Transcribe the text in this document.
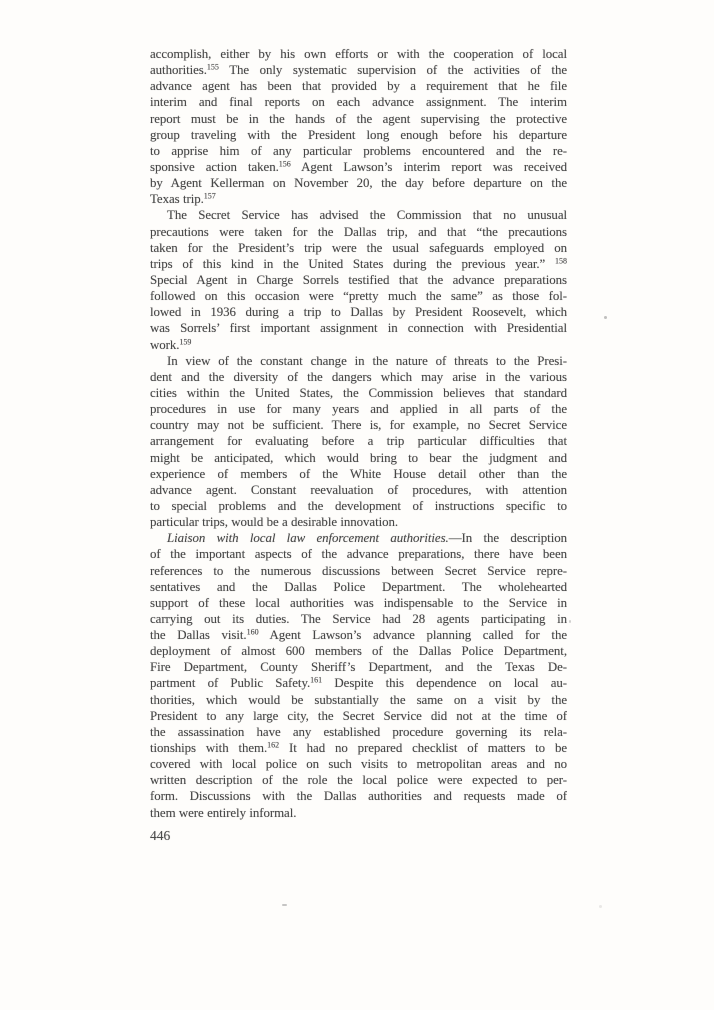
accomplish, either by his own efforts or with the cooperation of local
authorities.$^{155}$ The only systematic supervision of the activities of the
advance agent has been that provided by a requirement that he file
interim and final reports on each advance assignment. The interim
report must be in the hands of the agent supervising the protective
group traveling with the President long enough before his departure
to apprise him of any particular problems encountered and the re-
sponsive action taken.$^{156}$ Agent Lawson’s interim report was received
by Agent Kellerman on November 20, the day before departure on the
Texas trip.$^{157}$
The Secret Service has advised the Commission that no unusual
precautions were taken for the Dallas trip, and that “the precautions
taken for the President’s trip were the usual safeguards employed on
trips of this kind in the United States during the previous year.” $^{158}$
Special Agent in Charge Sorrels testified that the advance preparations
followed on this occasion were “pretty much the same” as those fol-
lowed in 1936 during a trip to Dallas by President Roosevelt, which
was Sorrels’ first important assignment in connection with Presidential
work.$^{159}$
In view of the constant change in the nature of threats to the Presi-
dent and the diversity of the dangers which may arise in the various
cities within the United States, the Commission believes that standard
procedures in use for many years and applied in all parts of the
country may not be sufficient. There is, for example, no Secret Service
arrangement for evaluating before a trip particular difficulties that
might be anticipated, which would bring to bear the judgment and
experience of members of the White House detail other than the
advance agent. Constant reevaluation of procedures, with attention
to special problems and the development of instructions specific to
particular trips, would be a desirable innovation.
Liaison with local law enforcement authorities.—In the description
of the important aspects of the advance preparations, there have been
references to the numerous discussions between Secret Service repre-
sentatives and the Dallas Police Department. The wholehearted
support of these local authorities was indispensable to the Service in
carrying out its duties. The Service had 28 agents participating in
the Dallas visit.$^{160}$ Agent Lawson’s advance planning called for the
deployment of almost 600 members of the Dallas Police Department,
Fire Department, County Sheriff’s Department, and the Texas De-
partment of Public Safety.$^{161}$ Despite this dependence on local au-
thorities, which would be substantially the same on a visit by the
President to any large city, the Secret Service did not at the time of
the assassination have any established procedure governing its rela-
tionships with them.$^{162}$ It had no prepared checklist of matters to be
covered with local police on such visits to metropolitan areas and no
written description of the role the local police were expected to per-
form. Discussions with the Dallas authorities and requests made of
them were entirely informal.
446
